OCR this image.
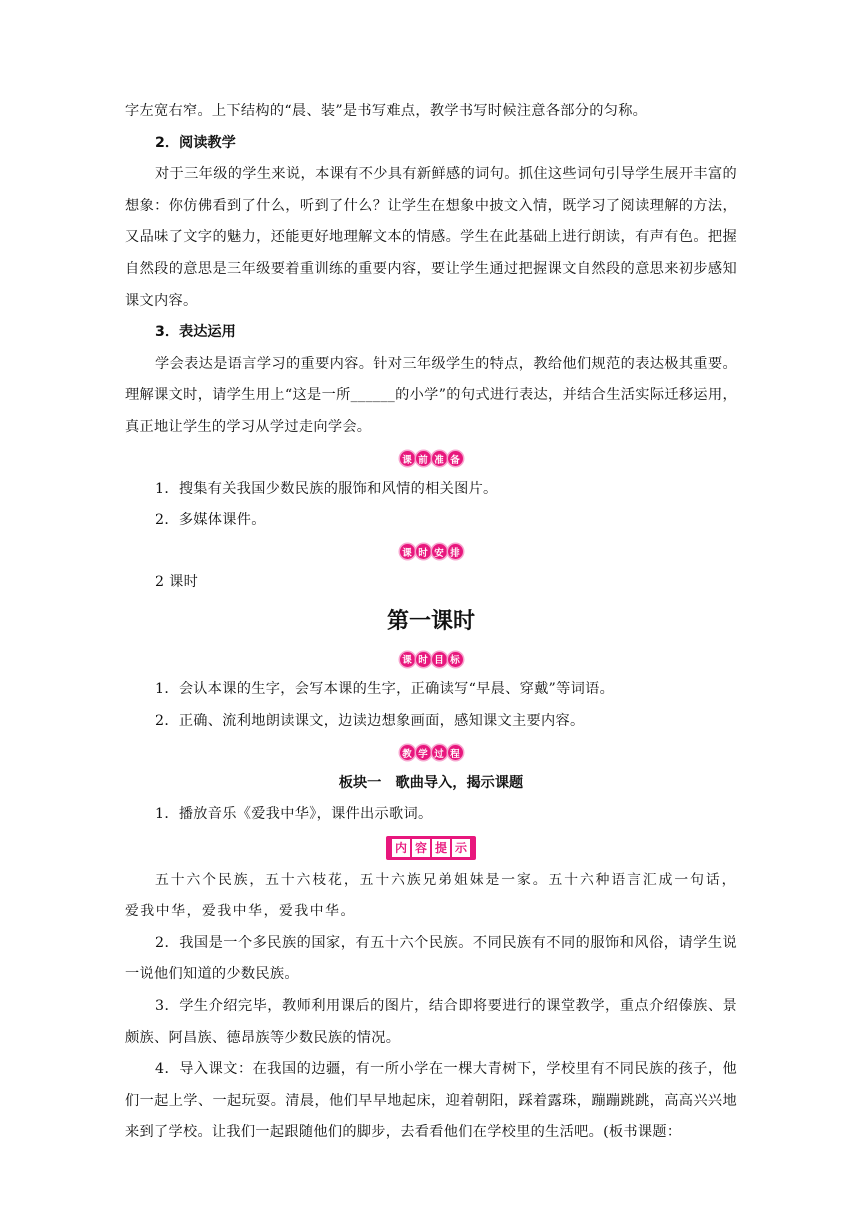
字左宽右窄。上下结构的“晨、装”是书写难点，教学书写时候注意各部分的匀称。

2．阅读教学

对于三年级的学生来说，本课有不少具有新鲜感的词句。抓住这些词句引导学生展开丰富的想象：你仿佛看到了什么，听到了什么？让学生在想象中披文入情，既学习了阅读理解的方法，又品味了文字的魅力，还能更好地理解文本的情感。学生在此基础上进行朗读，有声有色。把握自然段的意思是三年级要着重训练的重要内容，要让学生通过把握课文自然段的意思来初步感知课文内容。

3．表达运用

学会表达是语言学习的重要内容。针对三年级学生的特点，教给他们规范的表达极其重要。理解课文时，请学生用上“这是一所______的小学”的句式进行表达，并结合生活实际迁移运用，真正地让学生的学习从学过走向学会。

课 前 准 备

1．搜集有关我国少数民族的服饰和风情的相关图片。

2．多媒体课件。

课 时 安 排

2 课时

第一课时

课 时 目 标

1．会认本课的生字，会写本课的生字，正确读写“早晨、穿戴”等词语。

2．正确、流利地朗读课文，边读边想象画面，感知课文主要内容。

教 学 过 程

板块一　歌曲导入，揭示课题

1．播放音乐《爱我中华》，课件出示歌词。

内 容 提 示

五十六个民族，五十六枝花，五十六族兄弟姐妹是一家。五十六种语言汇成一句话，爱我中华，爱我中华，爱我中华。

2．我国是一个多民族的国家，有五十六个民族。不同民族有不同的服饰和风俗，请学生说一说他们知道的少数民族。

3．学生介绍完毕，教师利用课后的图片，结合即将要进行的课堂教学，重点介绍傣族、景颇族、阿昌族、德昂族等少数民族的情况。

4．导入课文：在我国的边疆，有一所小学在一棵大青树下，学校里有不同民族的孩子，他们一起上学、一起玩耍。清晨，他们早早地起床，迎着朝阳，踩着露珠，蹦蹦跳跳，高高兴兴地来到了学校。让我们一起跟随他们的脚步，去看看他们在学校里的生活吧。(板书课题：
